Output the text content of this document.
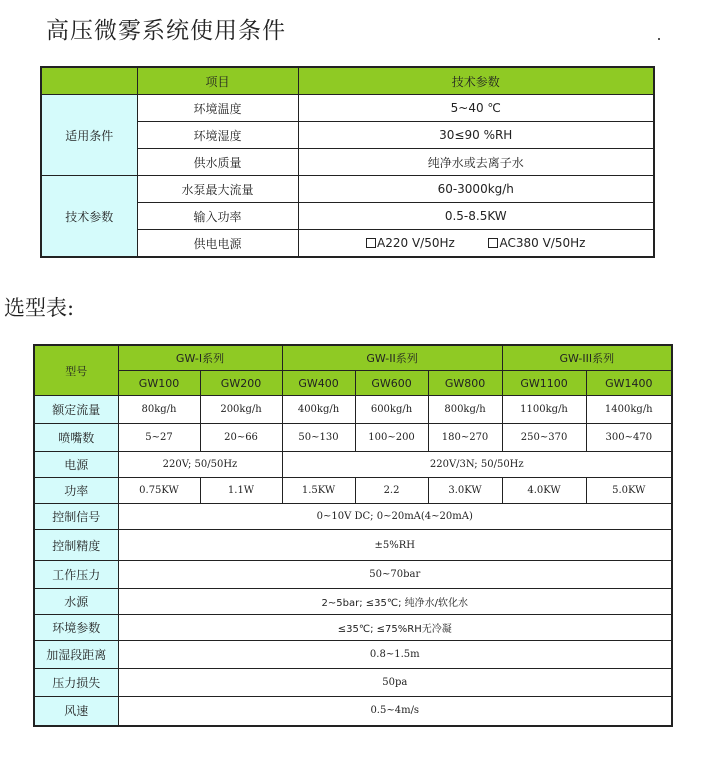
高压微雾系统使用条件
	项目	技术参数
适用条件	环境温度	5~40 ℃
	环境湿度	30≤90 %RH
	供水质量	纯净水或去离子水
技术参数	水泵最大流量	60-3000kg/h
	输入功率	0.5-8.5KW
	供电电源	A220 V/50Hz AC380 V/50Hz
选型表:
型号	GW-I系列		GW-II系列			GW-III系列	
	GW100	GW200	GW400	GW600	GW800	GW1100	GW1400
额定流量	80kg/h	200kg/h	400kg/h	600kg/h	800kg/h	1100kg/h	1400kg/h
喷嘴数	5~27	20~66	50~130	100~200	180~270	250~370	300~470
电源	220V; 50/50Hz		220V/3N; 50/50Hz				
功率	0.75KW	1.1W	1.5KW	2.2	3.0KW	4.0KW	5.0KW
控制信号	0~10V DC; 0~20mA(4~20mA)						
控制精度	±5%RH						
工作压力	50~70bar						
水源	2~5bar; ≤35℃; 纯净水/软化水						
环境参数	≤35℃; ≤75%RH无冷凝						
加湿段距离	0.8~1.5m						
压力损失	50pa						
风速	0.5~4m/s						
